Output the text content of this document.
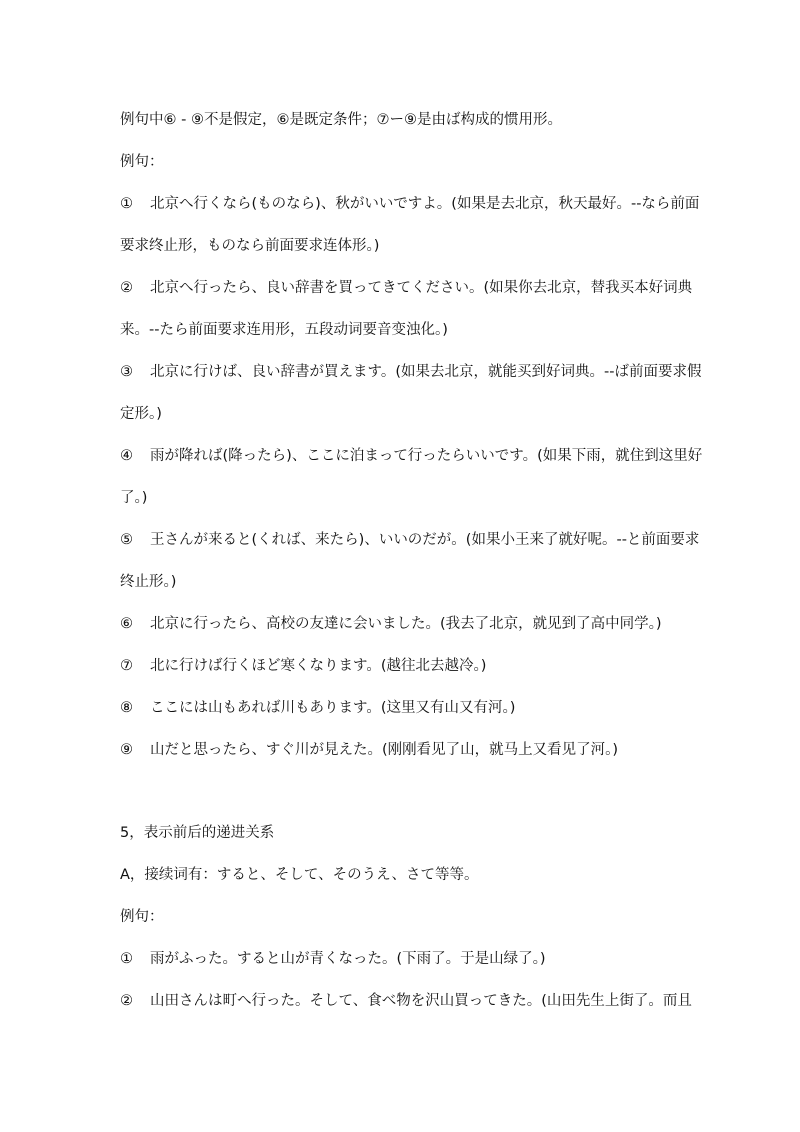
例句中⑥ - ⑨不是假定，⑥是既定条件；⑦ー⑨是由ば构成的惯用形。
例句：
① 北京へ行くなら(ものなら)、秋がいいですよ。(如果是去北京，秋天最好。--なら前面
要求终止形，ものなら前面要求连体形。)
② 北京へ行ったら、良い辞書を買ってきてください。(如果你去北京，替我买本好词典
来。--たら前面要求连用形，五段动词要音变浊化。)
③ 北京に行けば、良い辞書が買えます。(如果去北京，就能买到好词典。--ば前面要求假
定形。)
④ 雨が降れば(降ったら)、ここに泊まって行ったらいいです。(如果下雨，就住到这里好
了。)
⑤ 王さんが来ると(くれば、来たら)、いいのだが。(如果小王来了就好呢。--と前面要求
终止形。)
⑥ 北京に行ったら、高校の友達に会いました。(我去了北京，就见到了高中同学。)
⑦ 北に行けば行くほど寒くなります。(越往北去越冷。)
⑧ ここには山もあれば川もあります。(这里又有山又有河。)
⑨ 山だと思ったら、すぐ川が見えた。(刚刚看见了山，就马上又看见了河。)
5，表示前后的递进关系
A，接续词有：すると、そして、そのうえ、さて等等。
例句：
① 雨がふった。すると山が青くなった。(下雨了。于是山绿了。)
② 山田さんは町へ行った。そして、食べ物を沢山買ってきた。(山田先生上街了。而且
